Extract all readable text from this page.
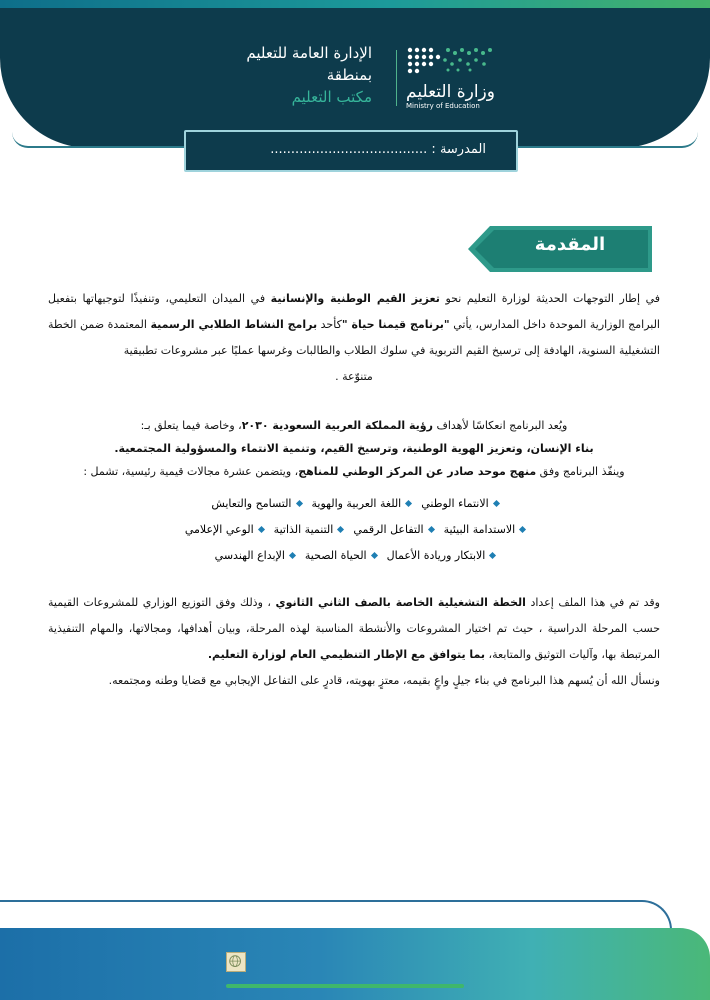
وزارة التعليم
Ministry of Education
الإدارة العامة للتعليم
بمنطقة
مكتب التعليم
المدرسة : ......................................
المقدمة
في إطار التوجهات الحديثة لوزارة التعليم نحو تعزيز القيم الوطنية والإنسانية في الميدان التعليمي، وتنفيذًا لتوجيهاتها بتفعيل البرامج الوزارية الموحدة داخل المدارس، يأتي "برنامج قيمنا حياة "كأحد برامج النشاط الطلابي الرسمية المعتمدة ضمن الخطة التشغيلية السنوية، الهادفة إلى ترسيخ القيم التربوية في سلوك الطلاب والطالبات وغرسها عمليًا عبر مشروعات تطبيقية
متنوّعة .
ويُعد البرنامج انعكاسًا لأهداف رؤية المملكة العربية السعودية ٢٠٣٠، وخاصة فيما يتعلق بـ:
بناء الإنسان، وتعزيز الهوية الوطنية، وترسيخ القيم، وتنمية الانتماء والمسؤولية المجتمعية.
وينفّذ البرنامج وفق منهج موحد صادر عن المركز الوطني للمناهج، ويتضمن عشرة مجالات قيمية رئيسية، تشمل :
الانتماء الوطني
اللغة العربية والهوية
التسامح والتعايش
الاستدامة البيئية
التفاعل الرقمي
التنمية الذاتية
الوعي الإعلامي
الابتكار وريادة الأعمال
الحياة الصحية
الإبداع الهندسي
وقد تم في هذا الملف إعداد الخطة التشغيلية الخاصة بالصف الثاني الثانوي ، وذلك وفق التوزيع الوزاري للمشروعات القيمية حسب المرحلة الدراسية ، حيث تم اختيار المشروعات والأنشطة المناسبة لهذه المرحلة، وبيان أهدافها، ومجالاتها، والمهام التنفيذية المرتبطة بها، وآليات التوثيق والمتابعة، بما يتوافق مع الإطار التنظيمي العام لوزارة التعليم.
ونسأل الله أن يُسهم هذا البرنامج في بناء جيلٍ واعٍ بقيمه، معتزٍ بهويته، قادرٍ على التفاعل الإيجابي مع قضايا وطنه ومجتمعه.
